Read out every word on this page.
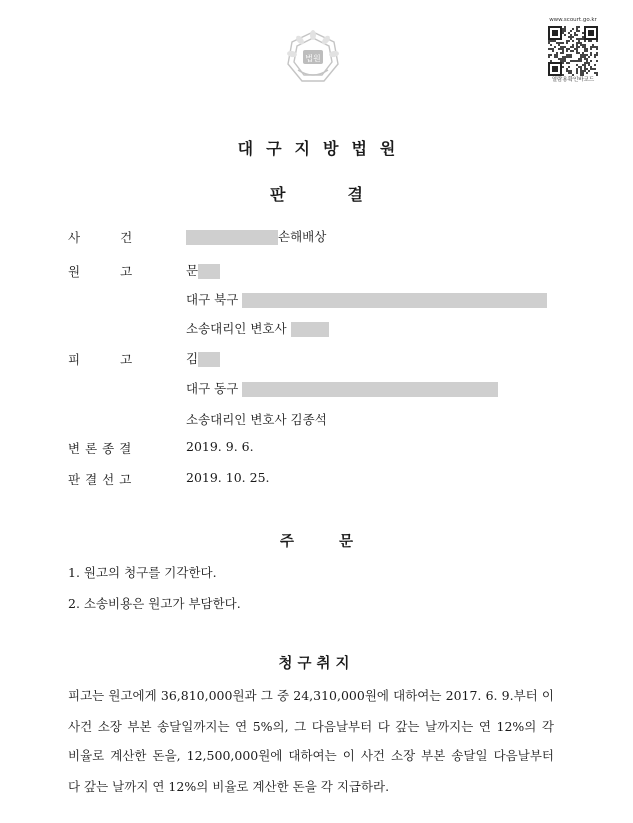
법원
www.scourt.go.kr
열람용확인바코드
대구지방법원
판결
사건	손해배상
원고 문
대구 북구
소송대리인 변호사
피고 김
대구 동구
소송대리인 변호사 김종석
변론종결	2019. 9. 6.
판결선고	2019. 10. 25.
주 문
1. 원고의 청구를 기각한다.
2. 소송비용은 원고가 부담한다.
청구취지
피고는 원고에게 36,810,000원과 그 중 24,310,000원에 대하여는 2017. 6. 9.부터 이
사건 소장 부본 송달일까지는 연 5%의, 그 다음날부터 다 갚는 날까지는 연 12%의 각
비율로 계산한 돈을, 12,500,000원에 대하여는 이 사건 소장 부본 송달일 다음날부터
다 갚는 날까지 연 12%의 비율로 계산한 돈을 각 지급하라.
